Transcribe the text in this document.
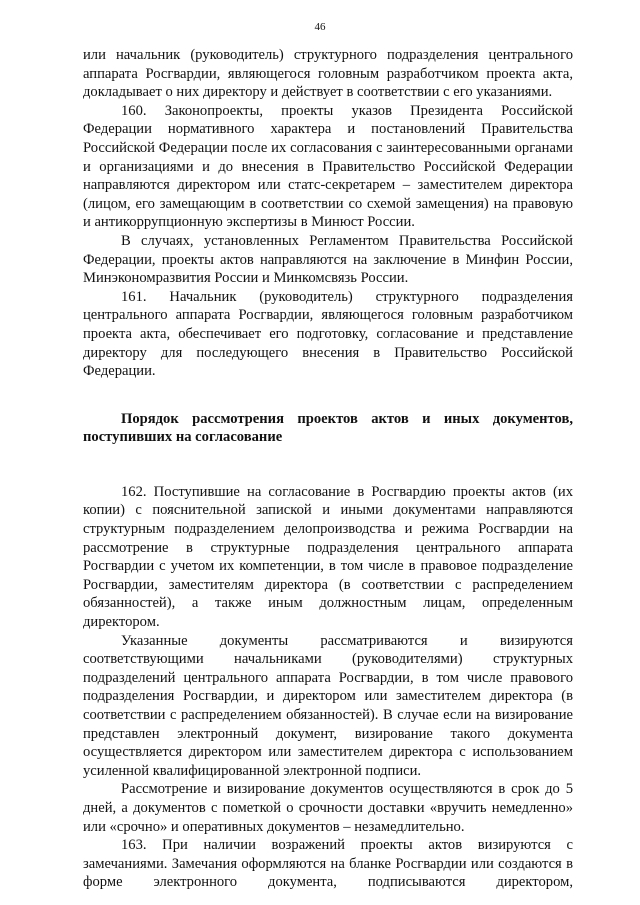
46

или начальник (руководитель) структурного подразделения центрального аппарата Росгвардии, являющегося головным разработчиком проекта акта, докладывает о них директору и действует в соответствии с его указаниями.

160. Законопроекты, проекты указов Президента Российской Федерации нормативного характера и постановлений Правительства Российской Федерации после их согласования с заинтересованными органами и организациями и до внесения в Правительство Российской Федерации направляются директором или статс-секретарем – заместителем директора (лицом, его замещающим в соответствии со схемой замещения) на правовую и антикоррупционную экспертизы в Минюст России.

В случаях, установленных Регламентом Правительства Российской Федерации, проекты актов направляются на заключение в Минфин России, Минэкономразвития России и Минкомсвязь России.

161. Начальник (руководитель) структурного подразделения центрального аппарата Росгвардии, являющегося головным разработчиком проекта акта, обеспечивает его подготовку, согласование и представление директору для последующего внесения в Правительство Российской Федерации.

Порядок рассмотрения проектов актов и иных документов, поступивших на согласование

162. Поступившие на согласование в Росгвардию проекты актов (их копии) с пояснительной запиской и иными документами направляются структурным подразделением делопроизводства и режима Росгвардии на рассмотрение в структурные подразделения центрального аппарата Росгвардии с учетом их компетенции, в том числе в правовое подразделение Росгвардии, заместителям директора (в соответствии с распределением обязанностей), а также иным должностным лицам, определенным директором.

Указанные документы рассматриваются и визируются соответствующими начальниками (руководителями) структурных подразделений центрального аппарата Росгвардии, в том числе правового подразделения Росгвардии, и директором или заместителем директора (в соответствии с распределением обязанностей). В случае если на визирование представлен электронный документ, визирование такого документа осуществляется директором или заместителем директора с использованием усиленной квалифицированной электронной подписи.

Рассмотрение и визирование документов осуществляются в срок до 5 дней, а документов с пометкой о срочности доставки «вручить немедленно» или «срочно» и оперативных документов – незамедлительно.

163. При наличии возражений проекты актов визируются с замечаниями. Замечания оформляются на бланке Росгвардии или создаются в форме электронного документа, подписываются директором,
